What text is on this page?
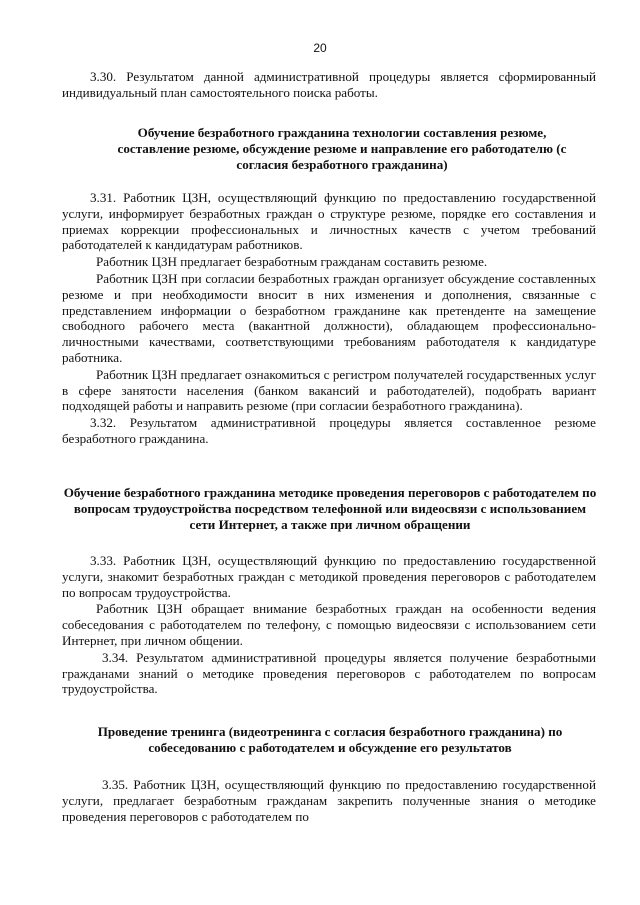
20

3.30. Результатом данной административной процедуры является сформированный индивидуальный план самостоятельного поиска работы.

Обучение безработного гражданина технологии составления резюме, составление резюме, обсуждение резюме и направление его работодателю (с согласия безработного гражданина)

3.31. Работник ЦЗН, осуществляющий функцию по предоставлению государственной услуги, информирует безработных граждан о структуре резюме, порядке его составления и приемах коррекции профессиональных и личностных качеств с учетом требований работодателей к кандидатурам работников.

Работник ЦЗН предлагает безработным гражданам составить резюме.

Работник ЦЗН при согласии безработных граждан организует обсуждение составленных резюме и при необходимости вносит в них изменения и дополнения, связанные с представлением информации о безработном гражданине как претенденте на замещение свободного рабочего места (вакантной должности), обладающем профессионально-личностными качествами, соответствующими требованиям работодателя к кандидатуре работника.

Работник ЦЗН предлагает ознакомиться с регистром получателей государственных услуг в сфере занятости населения (банком вакансий и работодателей), подобрать вариант подходящей работы и направить резюме (при согласии безработного гражданина).

3.32. Результатом административной процедуры является составленное резюме безработного гражданина.

Обучение безработного гражданина методике проведения переговоров с работодателем по вопросам трудоустройства посредством телефонной или видеосвязи с использованием сети Интернет, а также при личном обращении

3.33. Работник ЦЗН, осуществляющий функцию по предоставлению государственной услуги, знакомит безработных граждан с методикой проведения переговоров с работодателем по вопросам трудоустройства.

Работник ЦЗН обращает внимание безработных граждан на особенности ведения собеседования с работодателем по телефону, с помощью видеосвязи с использованием сети Интернет, при личном общении.

3.34. Результатом административной процедуры является получение безработными гражданами знаний о методике проведения переговоров с работодателем по вопросам трудоустройства.

Проведение тренинга (видеотренинга с согласия безработного гражданина) по собеседованию с работодателем и обсуждение его результатов

3.35. Работник ЦЗН, осуществляющий функцию по предоставлению государственной услуги, предлагает безработным гражданам закрепить полученные знания о методике проведения переговоров с работодателем по
